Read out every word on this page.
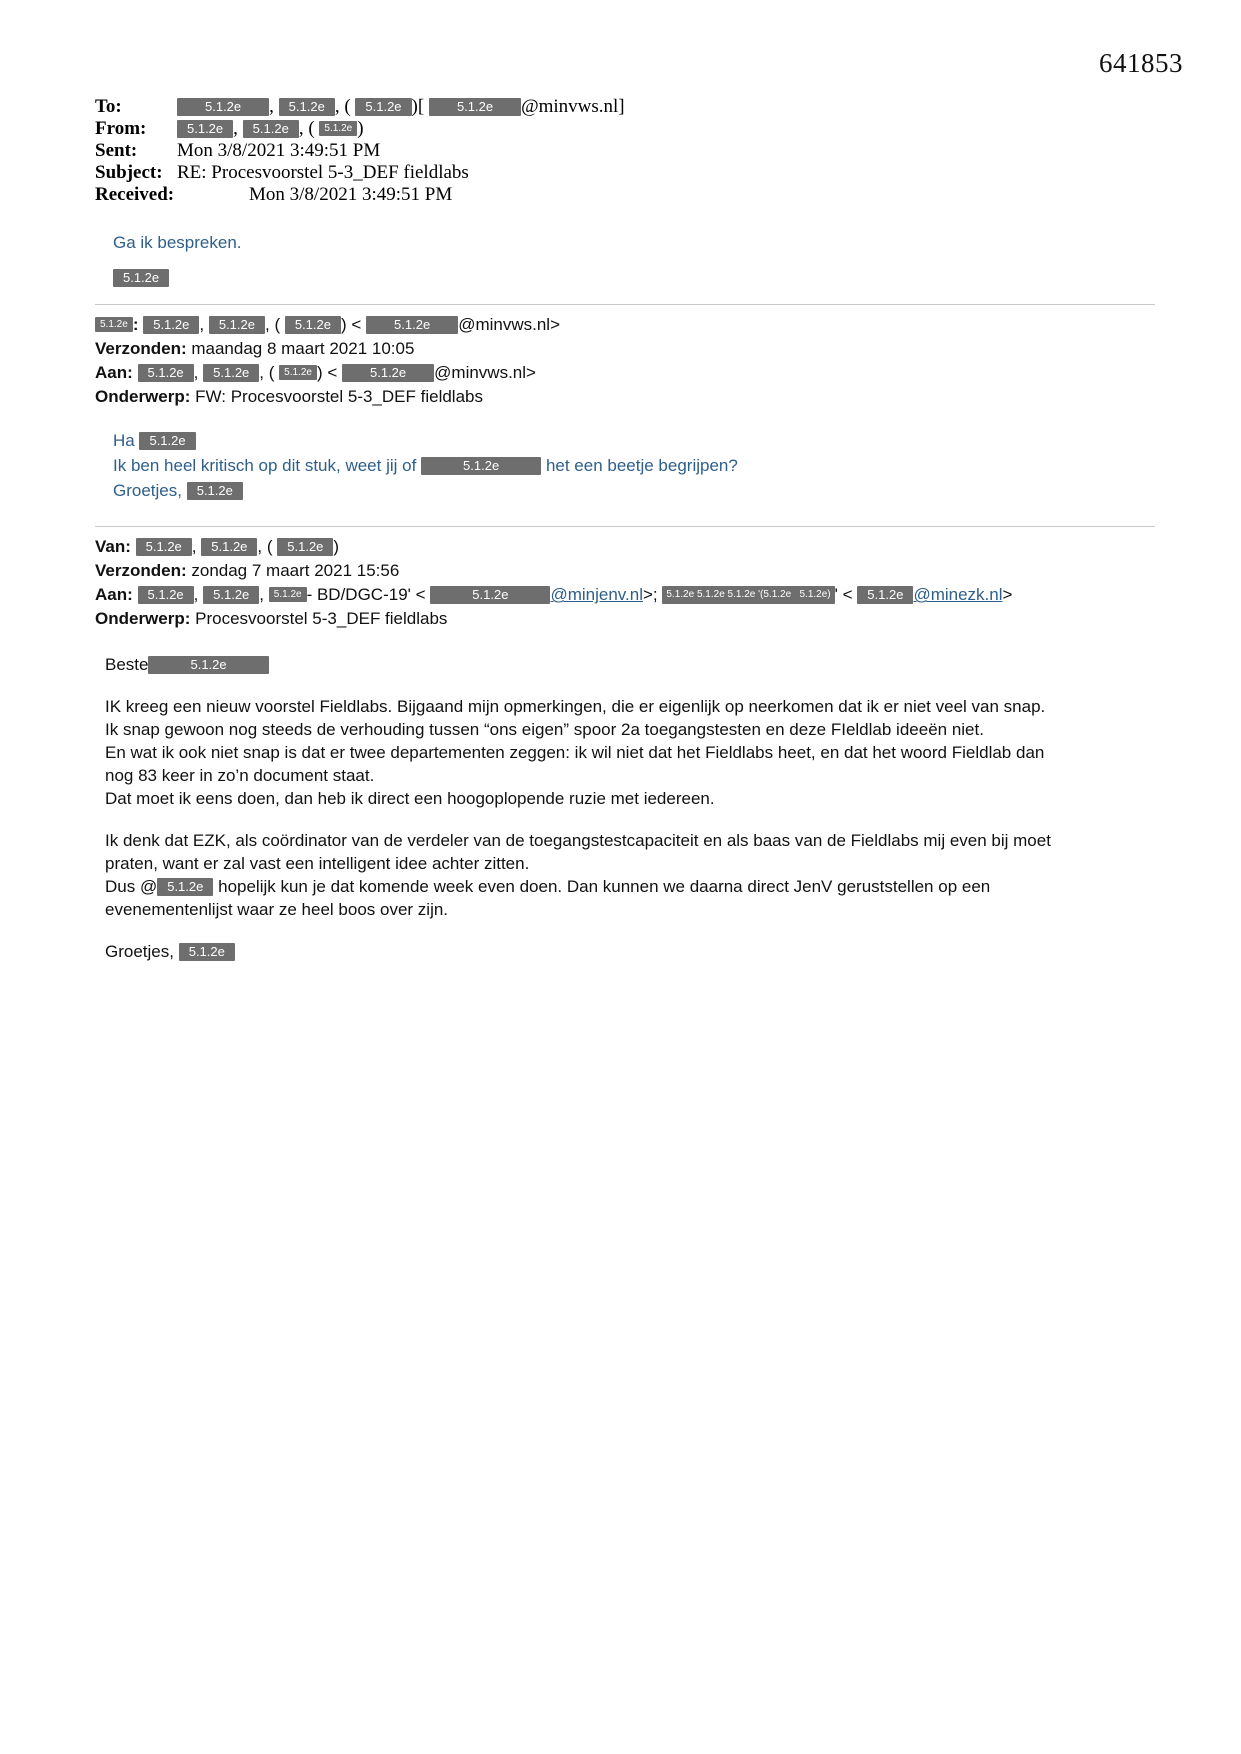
641853
To:	5.1.2e , 5.1.2e , ( 5.1.2e )[	5.1.2e @minvws.nl]
From:	5.1.2e , 5.1.2e , ( 5.1.2e )
Sent:	Mon 3/8/2021 3:49:51 PM
Subject: RE: Procesvoorstel 5-3_DEF fieldlabs
Received:	Mon 3/8/2021 3:49:51 PM
Ga ik bespreken.
5.1.2e
5.1.2e : 5.1.2e , 5.1.2e , ( 5.1.2e ) <	5.1.2e @minvws.nl>
Verzonden: maandag 8 maart 2021 10:05
Aan: 5.1.2e , 5.1.2e , ( 5.1.2e ) <	5.1.2e @minvws.nl>
Onderwerp: FW: Procesvoorstel 5-3_DEF fieldlabs
Ha 5.1.2e
Ik ben heel kritisch op dit stuk, weet jij of	5.1.2e	het een beetje begrijpen?
Groetjes, 5.1.2e
Van: 5.1.2e , 5.1.2e , ( 5.1.2e )
Verzonden: zondag 7 maart 2021 15:56
Aan: 5.1.2e , 5.1.2e , 5.1.2e - BD/DGC-19' <	5.1.2e @minjenv.nl>; 5.1.2e 5.1.2e 5.1.2e '(5.1.2e   5.1.2e) ' < 5.1.2e @minezk.nl>
Onderwerp: Procesvoorstel 5-3_DEF fieldlabs
Beste	5.1.2e
IK kreeg een nieuw voorstel Fieldlabs. Bijgaand mijn opmerkingen, die er eigenlijk op neerkomen dat ik er niet veel van snap.
Ik snap gewoon nog steeds de verhouding tussen “ons eigen” spoor 2a toegangstesten en deze FIeldlab ideeën niet.
En wat ik ook niet snap is dat er twee departementen zeggen: ik wil niet dat het Fieldlabs heet, en dat het woord Fieldlab dan
nog 83 keer in zo’n document staat.
Dat moet ik eens doen, dan heb ik direct een hoogoplopende ruzie met iedereen.
Ik denk dat EZK, als coördinator van de verdeler van de toegangstestcapaciteit en als baas van de Fieldlabs mij even bij moet
praten, want er zal vast een intelligent idee achter zitten.
Dus @ 5.1.2e hopelijk kun je dat komende week even doen. Dan kunnen we daarna direct JenV geruststellen op een
evenementenlijst waar ze heel boos over zijn.
Groetjes, 5.1.2e
